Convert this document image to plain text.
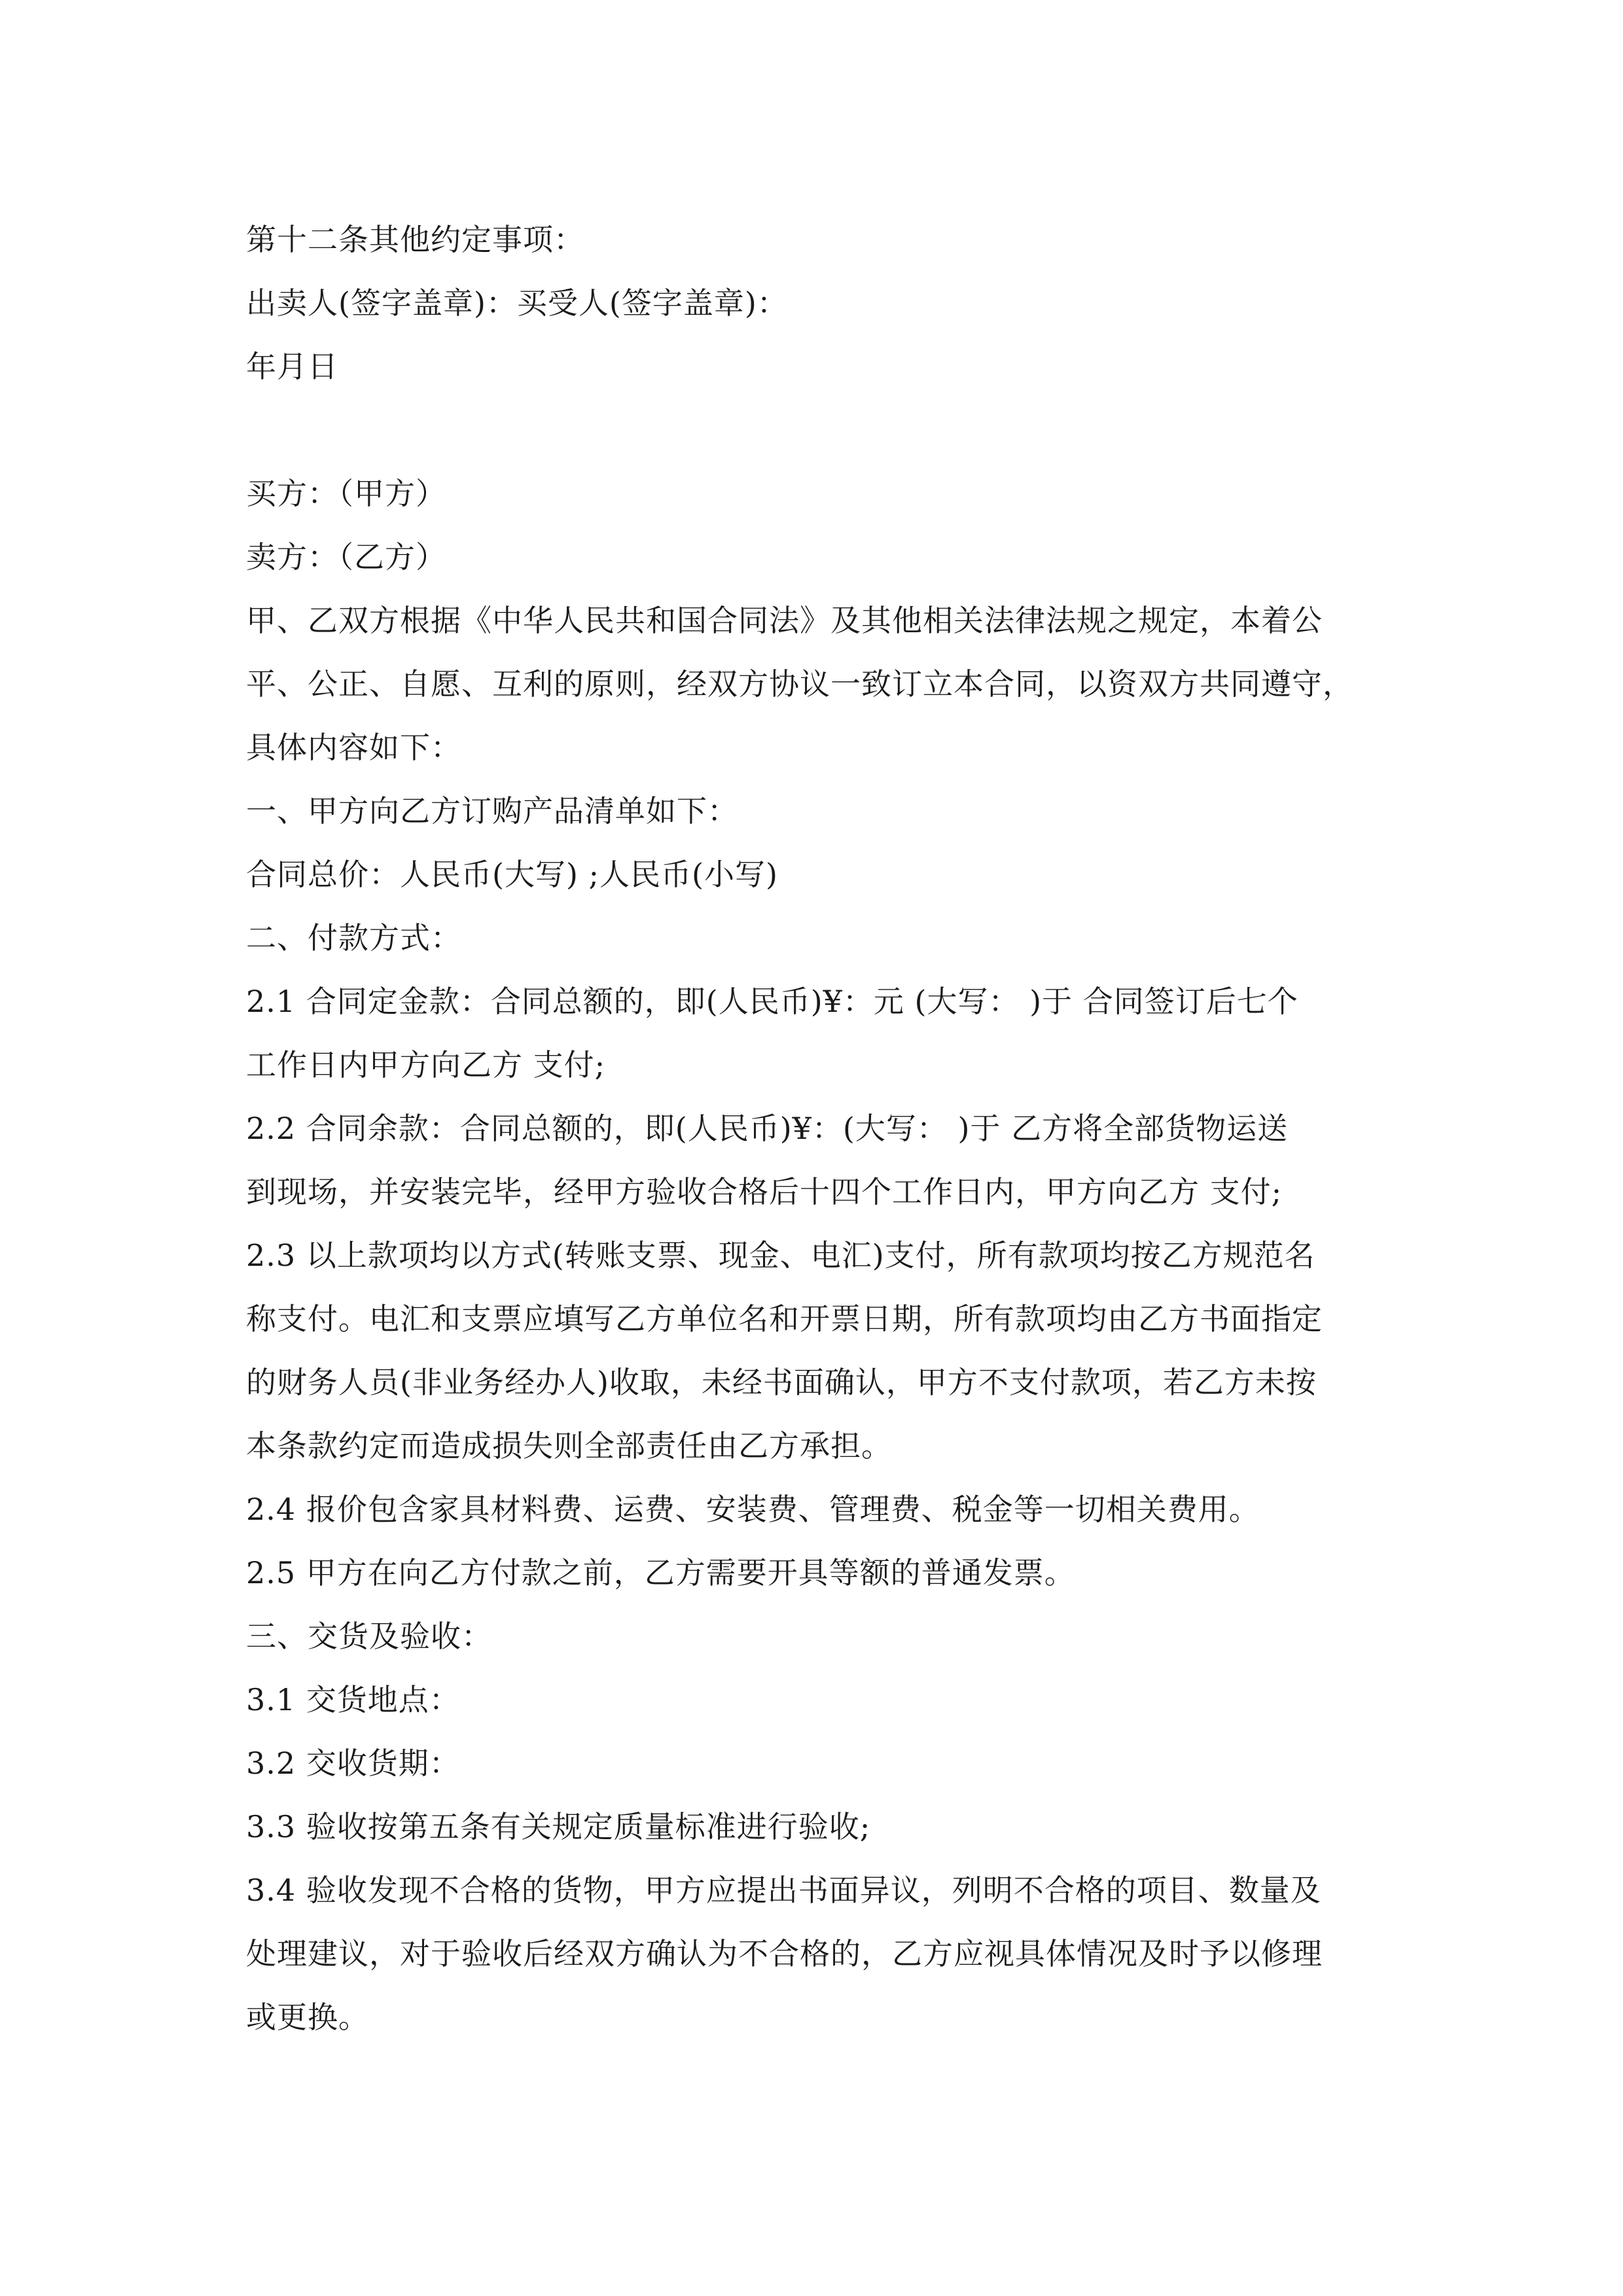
第十二条其他约定事项：
出卖人(签字盖章)：买受人(签字盖章)：
年月日
买方：（甲方）
卖方：（乙方）
甲、乙双方根据《中华人民共和国合同法》及其他相关法律法规之规定，本着公
平、公正、自愿、互利的原则，经双方协议一致订立本合同，以资双方共同遵守，
具体内容如下：
一、甲方向乙方订购产品清单如下：
合同总价：人民币(大写) ;人民币(小写)
二、付款方式：
2.1 合同定金款：合同总额的，即(人民币)¥：元 (大写： )于 合同签订后七个
工作日内甲方向乙方 支付;
2.2 合同余款：合同总额的，即(人民币)¥：(大写： )于 乙方将全部货物运送
到现场，并安装完毕，经甲方验收合格后十四个工作日内，甲方向乙方 支付;
2.3 以上款项均以方式(转账支票、现金、电汇)支付，所有款项均按乙方规范名
称支付。电汇和支票应填写乙方单位名和开票日期，所有款项均由乙方书面指定
的财务人员(非业务经办人)收取，未经书面确认，甲方不支付款项，若乙方未按
本条款约定而造成损失则全部责任由乙方承担。
2.4 报价包含家具材料费、运费、安装费、管理费、税金等一切相关费用。
2.5 甲方在向乙方付款之前，乙方需要开具等额的普通发票。
三、交货及验收：
3.1 交货地点：
3.2 交收货期：
3.3 验收按第五条有关规定质量标准进行验收;
3.4 验收发现不合格的货物，甲方应提出书面异议，列明不合格的项目、数量及
处理建议，对于验收后经双方确认为不合格的，乙方应视具体情况及时予以修理
或更换。
